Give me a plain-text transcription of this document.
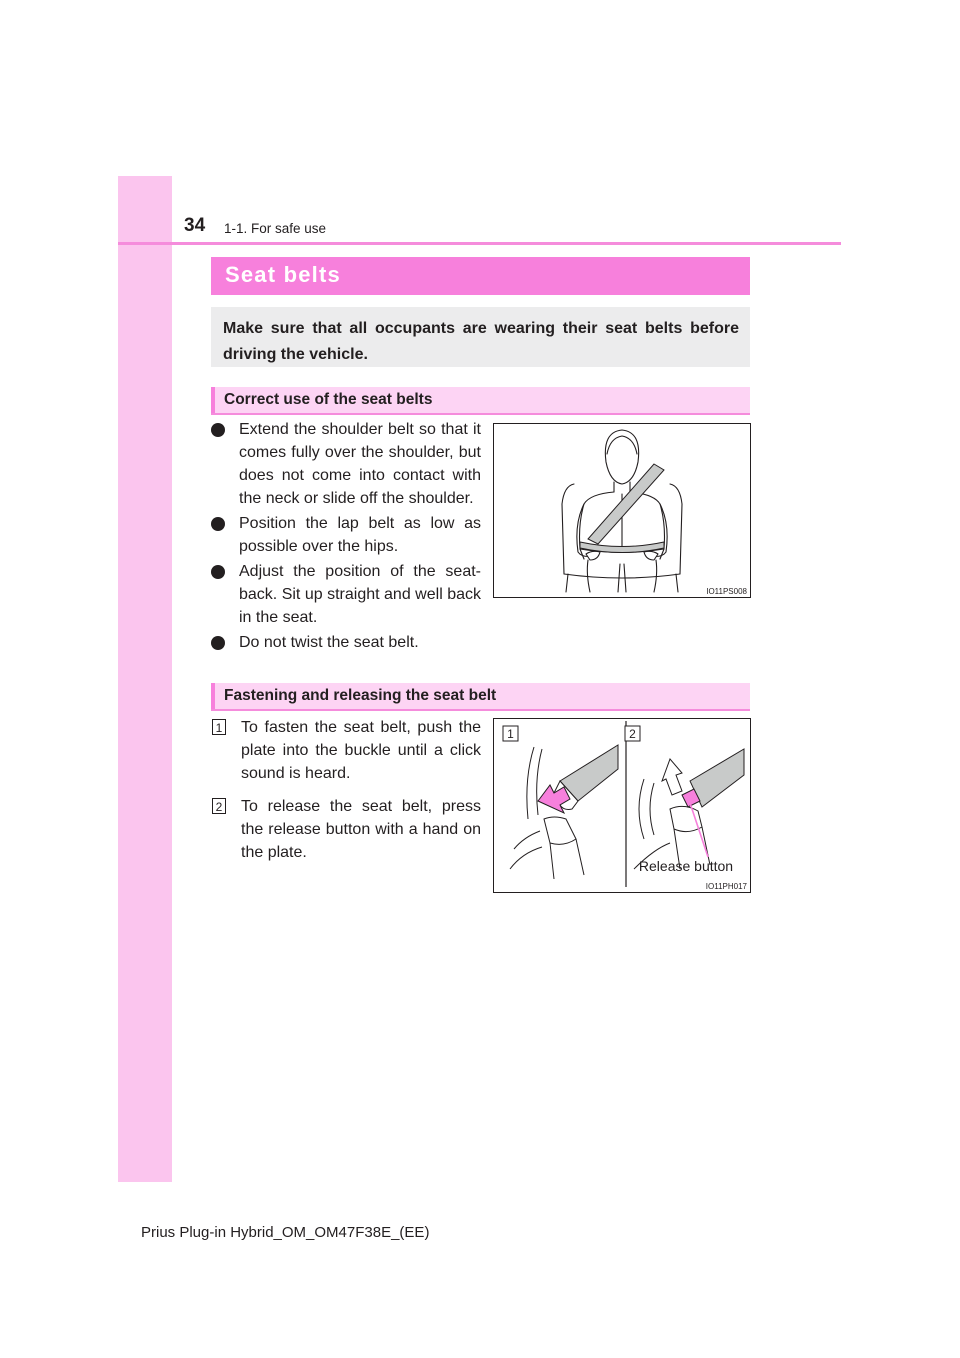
34 1-1. For safe use
Seat belts

Make sure that all occupants are wearing their seat belts before driving the vehicle.

Correct use of the seat belts
Extend the shoulder belt so that it comes fully over the shoulder, but does not come into contact with the neck or slide off the shoulder.
Position the lap belt as low as possible over the hips.
Adjust the position of the seat-back. Sit up straight and well back in the seat.
Do not twist the seat belt.
IO11PS008
Fastening and releasing the seat belt
1 To fasten the seat belt, push the plate into the buckle until a click sound is heard.
2 To release the seat belt, press the release button with a hand on the plate.
1	2
Release button
IO11PH017
Prius Plug-in Hybrid_OM_OM47F38E_(EE)
